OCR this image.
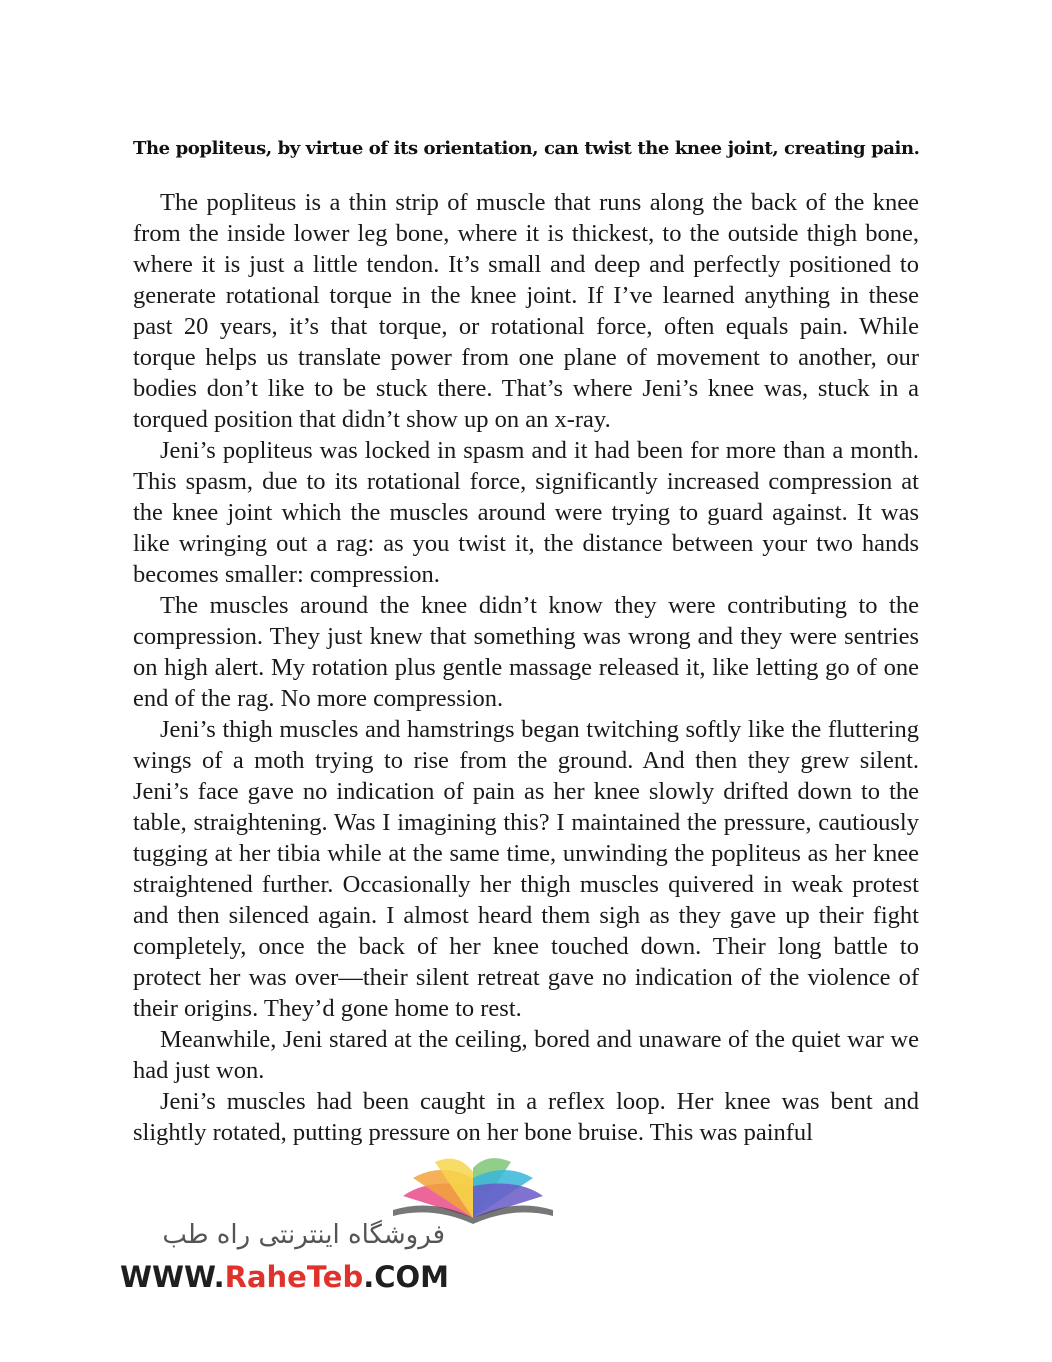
The popliteus, by virtue of its orientation, can twist the knee joint, creating pain.

The popliteus is a thin strip of muscle that runs along the back of the knee from the inside lower leg bone, where it is thickest, to the outside thigh bone, where it is just a little tendon. It’s small and deep and perfectly positioned to generate rotational torque in the knee joint. If I’ve learned anything in these past 20 years, it’s that torque, or rotational force, often equals pain. While torque helps us translate power from one plane of movement to another, our bodies don’t like to be stuck there. That’s where Jeni’s knee was, stuck in a torqued position that didn’t show up on an x-ray.

Jeni’s popliteus was locked in spasm and it had been for more than a month. This spasm, due to its rotational force, significantly increased compression at the knee joint which the muscles around were trying to guard against. It was like wringing out a rag: as you twist it, the distance between your two hands becomes smaller: compression.

The muscles around the knee didn’t know they were contributing to the compression. They just knew that something was wrong and they were sentries on high alert. My rotation plus gentle massage released it, like letting go of one end of the rag. No more compression.

Jeni’s thigh muscles and hamstrings began twitching softly like the fluttering wings of a moth trying to rise from the ground. And then they grew silent. Jeni’s face gave no indication of pain as her knee slowly drifted down to the table, straightening. Was I imagining this? I maintained the pressure, cautiously tugging at her tibia while at the same time, unwinding the popliteus as her knee straightened further. Occasionally her thigh muscles quivered in weak protest and then silenced again. I almost heard them sigh as they gave up their fight completely, once the back of her knee touched down. Their long battle to protect her was over—their silent retreat gave no indication of the violence of their origins. They’d gone home to rest.

Meanwhile, Jeni stared at the ceiling, bored and unaware of the quiet war we had just won.

Jeni’s muscles had been caught in a reflex loop. Her knee was bent and slightly rotated, putting pressure on her bone bruise. This was painful

فروشگاه اینترنتی راه طب
WWW.RaheTeb.COM
